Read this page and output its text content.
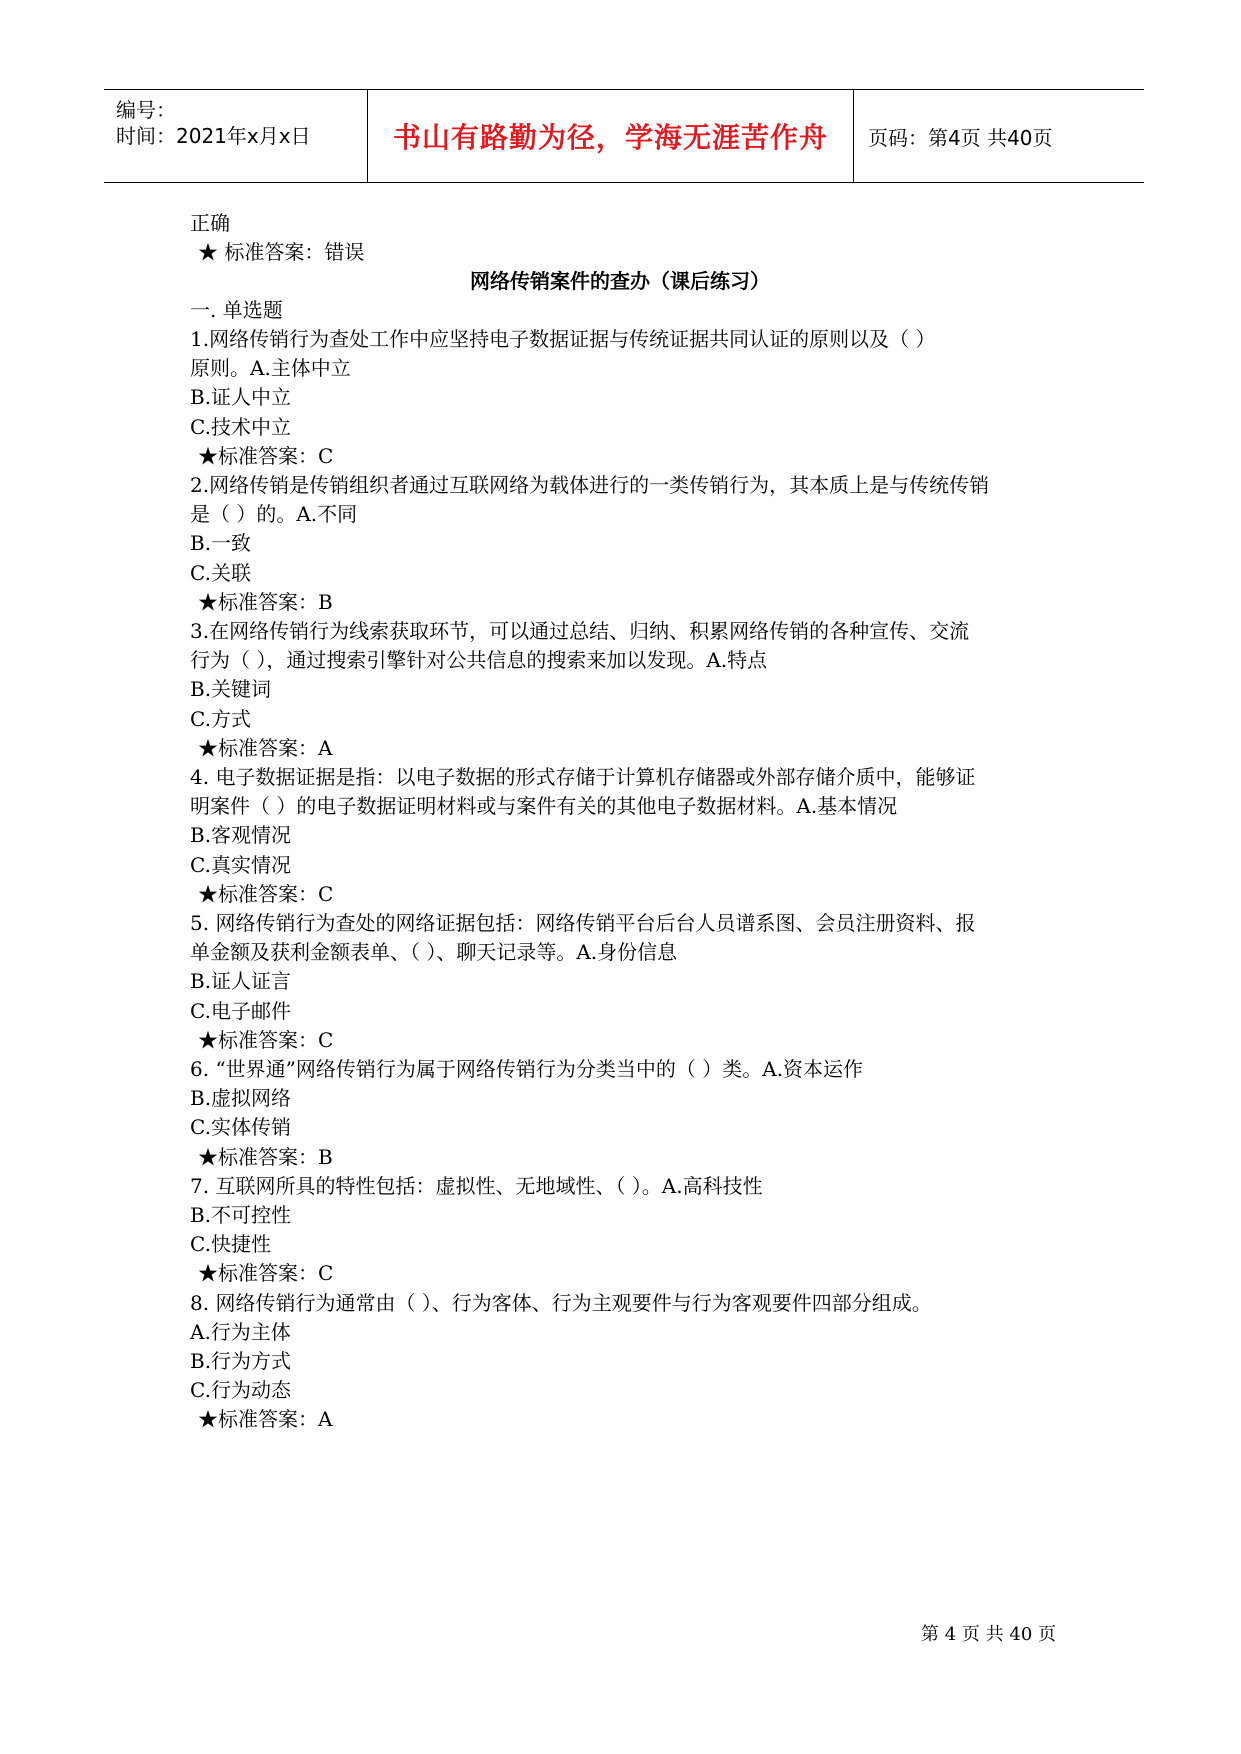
编号：
时间：2021年x月x日	书山有路勤为径，学海无涯苦作舟 页码：第4页 共40页
正确
★ 标准答案：错误
网络传销案件的查办（课后练习）
一. 单选题
1.网络传销行为查处工作中应坚持电子数据证据与传统证据共同认证的原则以及（ ）
原则。A.主体中立
B.证人中立
C.技术中立
★标准答案：C
2.网络传销是传销组织者通过互联网络为载体进行的一类传销行为，其本质上是与传统传销
是（ ）的。A.不同
B.一致
C.关联
★标准答案：B
3.在网络传销行为线索获取环节，可以通过总结、归纳、积累网络传销的各种宣传、交流
行为（ ），通过搜索引擎针对公共信息的搜索来加以发现。A.特点
B.关键词
C.方式
★标准答案：A
4. 电子数据证据是指：以电子数据的形式存储于计算机存储器或外部存储介质中，能够证
明案件（ ）的电子数据证明材料或与案件有关的其他电子数据材料。A.基本情况
B.客观情况
C.真实情况
★标准答案：C
5. 网络传销行为查处的网络证据包括：网络传销平台后台人员谱系图、会员注册资料、报
单金额及获利金额表单、（ ）、聊天记录等。A.身份信息
B.证人证言
C.电子邮件
★标准答案：C
6. “世界通”网络传销行为属于网络传销行为分类当中的（ ）类。A.资本运作
B.虚拟网络
C.实体传销
★标准答案：B
7. 互联网所具的特性包括：虚拟性、无地域性、（ ）。A.高科技性
B.不可控性
C.快捷性
★标准答案：C
8. 网络传销行为通常由（ ）、行为客体、行为主观要件与行为客观要件四部分组成。
A.行为主体
B.行为方式
C.行为动态
★标准答案：A
第 4 页 共 40 页
